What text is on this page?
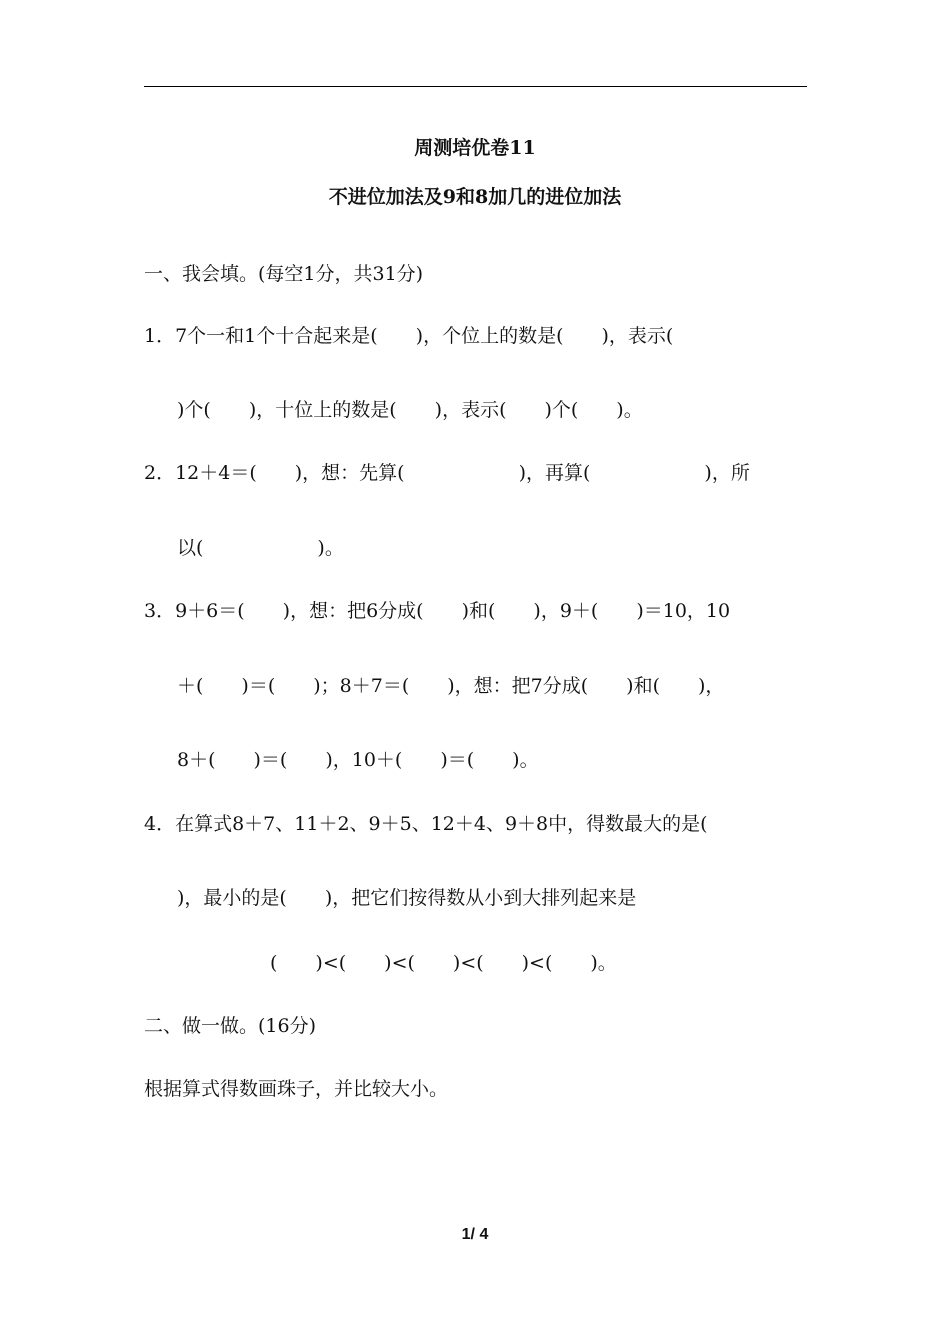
周测培优卷11
不进位加法及9和8加几的进位加法
一、我会填。(每空1分，共31分)
1．7个一和1个十合起来是(　　)，个位上的数是(　　)，表示(
)个(　　)，十位上的数是(　　)，表示(　　)个(　　)。
2．12＋4＝(　　)，想：先算(　　　　　　)，再算(　　　　　　)，所
以(　　　　　　)。
3．9＋6＝(　　)，想：把6分成(　　)和(　　)，9＋(　　)＝10，10
＋(　　)＝(　　)；8＋7＝(　　)，想：把7分成(　　)和(　　)，
8＋(　　)＝(　　)，10＋(　　)＝(　　)。
4．在算式8＋7、11＋2、9＋5、12＋4、9＋8中，得数最大的是(
)，最小的是(　　)，把它们按得数从小到大排列起来是
(　　)<(　　)<(　　)<(　　)<(　　)。
二、做一做。(16分)
根据算式得数画珠子，并比较大小。
1/ 4
